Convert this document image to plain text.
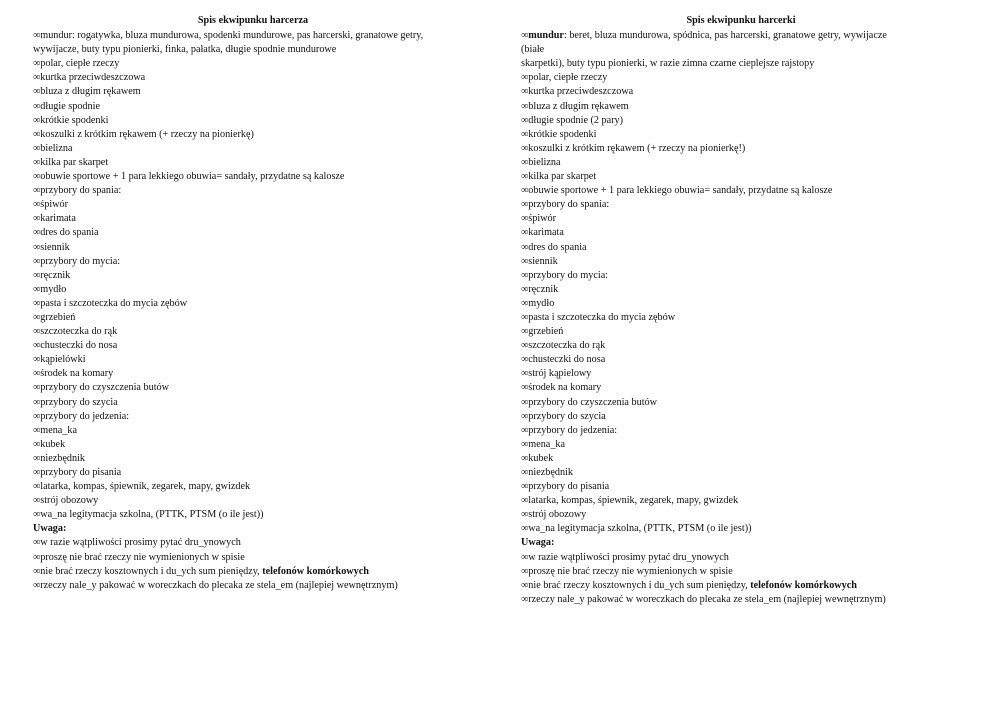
Spis ekwipunku harcerza
∞mundur: rogatywka, bluza mundurowa, spodenki mundurowe, pas harcerski, granatowe getry,
wywijacze, buty typu pionierki, finka, pałatka, długie spodnie mundurowe
∞polar, ciepłe rzeczy
∞kurtka przeciwdeszczowa
∞bluza z długim rękawem
∞długie spodnie
∞krótkie spodenki
∞koszulki z krótkim rękawem (+ rzeczy na pionierkę)
∞bielizna
∞kilka par skarpet
∞obuwie sportowe + 1 para lekkiego obuwia= sandały, przydatne są kalosze
∞przybory do spania:
∞śpiwór
∞karimata
∞dres do spania
∞siennik
∞przybory do mycia:
∞ręcznik
∞mydło
∞pasta i szczoteczka do mycia zębów
∞grzebień
∞szczoteczka do rąk
∞chusteczki do nosa
∞kąpielówki
∞środek na komary
∞przybory do czyszczenia butów
∞przybory do szycia
∞przybory do jedzenia:
∞mena_ka
∞kubek
∞niezbędnik
∞przybory do pisania
∞latarka, kompas, śpiewnik, zegarek, mapy, gwizdek
∞strój obozowy
∞wa_na legitymacja szkolna, (PTTK, PTSM (o ile jest))
Uwaga:
∞w razie wątpliwości prosimy pytać dru_ynowych
∞proszę nie brać rzeczy nie wymienionych w spisie
∞nie brać rzeczy kosztownych i du_ych sum pieniędzy, telefonów komórkowych
∞rzeczy nale_y pakować w woreczkach do plecaka ze stela_em (najlepiej wewnętrznym)
Spis ekwipunku harcerki
∞mundur: beret, bluza mundurowa, spódnica, pas harcerski, granatowe getry, wywijacze
(białe
skarpetki), buty typu pionierki, w razie zimna czarne cieplejsze rajstopy
∞polar, ciepłe rzeczy
∞kurtka przeciwdeszczowa
∞bluza z długim rękawem
∞długie spodnie (2 pary)
∞krótkie spodenki
∞koszulki z krótkim rękawem (+ rzeczy na pionierkę!)
∞bielizna
∞kilka par skarpet
∞obuwie sportowe + 1 para lekkiego obuwia= sandały, przydatne są kalosze
∞przybory do spania:
∞śpiwór
∞karimata
∞dres do spania
∞siennik
∞przybory do mycia:
∞ręcznik
∞mydło
∞pasta i szczoteczka do mycia zębów
∞grzebień
∞szczoteczka do rąk
∞chusteczki do nosa
∞strój kąpielowy
∞środek na komary
∞przybory do czyszczenia butów
∞przybory do szycia
∞przybory do jedzenia:
∞mena_ka
∞kubek
∞niezbędnik
∞przybory do pisania
∞latarka, kompas, śpiewnik, zegarek, mapy, gwizdek
∞strój obozowy
∞wa_na legitymacja szkolna, (PTTK, PTSM (o ile jest))
Uwaga:
∞w razie wątpliwości prosimy pytać dru_ynowych
∞proszę nie brać rzeczy nie wymienionych w spisie
∞nie brać rzeczy kosztownych i du_ych sum pieniędzy, telefonów komórkowych
∞rzeczy nale_y pakować w woreczkach do plecaka ze stela_em (najlepiej wewnętrznym)
